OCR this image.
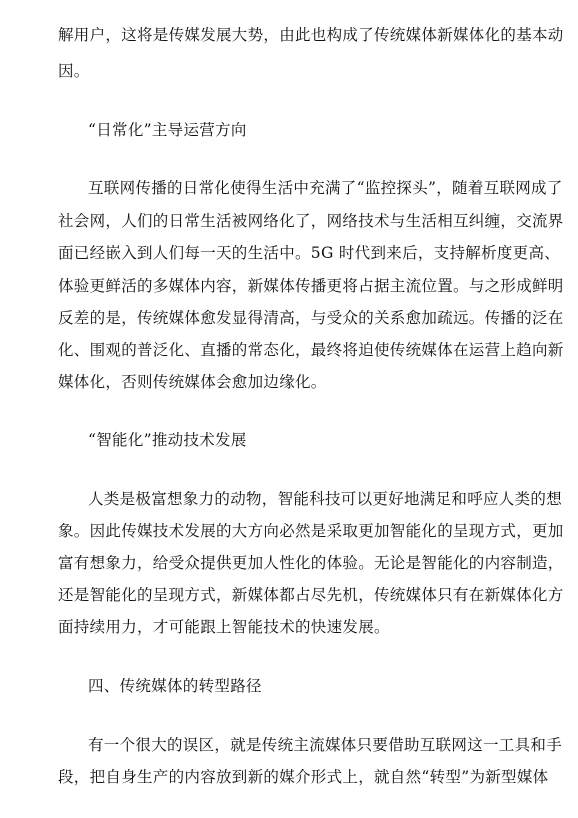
解用户，这将是传媒发展大势，由此也构成了传统媒体新媒体化的基本动
因。
“日常化”主导运营方向
互联网传播的日常化使得生活中充满了“监控探头”，随着互联网成了
社会网，人们的日常生活被网络化了，网络技术与生活相互纠缠，交流界
面已经嵌入到人们每一天的生活中。5G 时代到来后，支持解析度更高、
体验更鲜活的多媒体内容，新媒体传播更将占据主流位置。与之形成鲜明
反差的是，传统媒体愈发显得清高，与受众的关系愈加疏远。传播的泛在
化、围观的普泛化、直播的常态化，最终将迫使传统媒体在运营上趋向新
媒体化，否则传统媒体会愈加边缘化。
“智能化”推动技术发展
人类是极富想象力的动物，智能科技可以更好地满足和呼应人类的想
象。因此传媒技术发展的大方向必然是采取更加智能化的呈现方式，更加
富有想象力，给受众提供更加人性化的体验。无论是智能化的内容制造，
还是智能化的呈现方式，新媒体都占尽先机，传统媒体只有在新媒体化方
面持续用力，才可能跟上智能技术的快速发展。
四、传统媒体的转型路径
有一个很大的误区，就是传统主流媒体只要借助互联网这一工具和手
段，把自身生产的内容放到新的媒介形式上，就自然“转型”为新型媒体
